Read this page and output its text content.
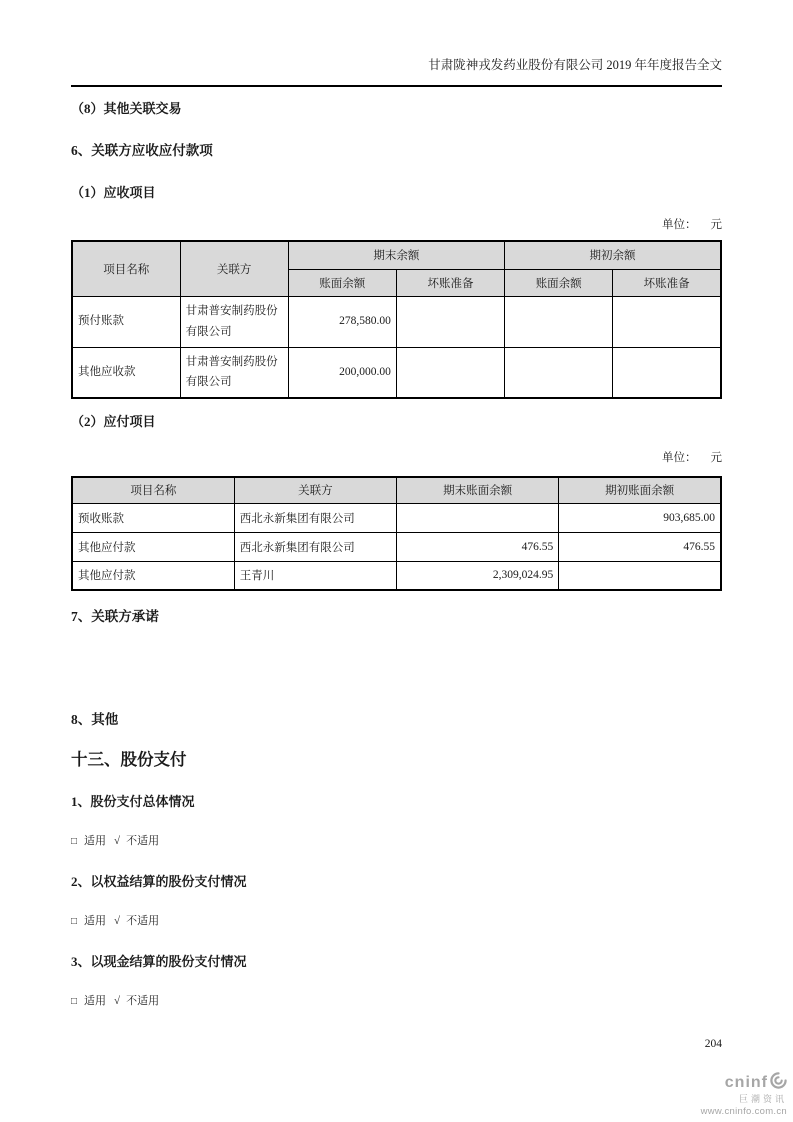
甘肃陇神戎发药业股份有限公司 2019 年年度报告全文
（8）其他关联交易
6、关联方应收应付款项
（1）应收项目
单位： 元
项目名称	关联方	期末余额		期初余额	
		账面余额	坏账准备	账面余额	坏账准备
预付账款	甘肃普安制药股份有限公司	278,580.00			
其他应收款	甘肃普安制药股份有限公司	200,000.00			
（2）应付项目
单位： 元
项目名称	关联方	期末账面余额	期初账面余额
预收账款	西北永新集团有限公司		903,685.00
其他应付款	西北永新集团有限公司	476.55	476.55
其他应付款	王青川	2,309,024.95	
7、关联方承诺
8、其他
十三、股份支付
1、股份支付总体情况
□ 适用 √ 不适用
2、以权益结算的股份支付情况
□ 适用 √ 不适用
3、以现金结算的股份支付情况
□ 适用 √ 不适用
204
cninf
巨潮资讯
www.cninfo.com.cn
